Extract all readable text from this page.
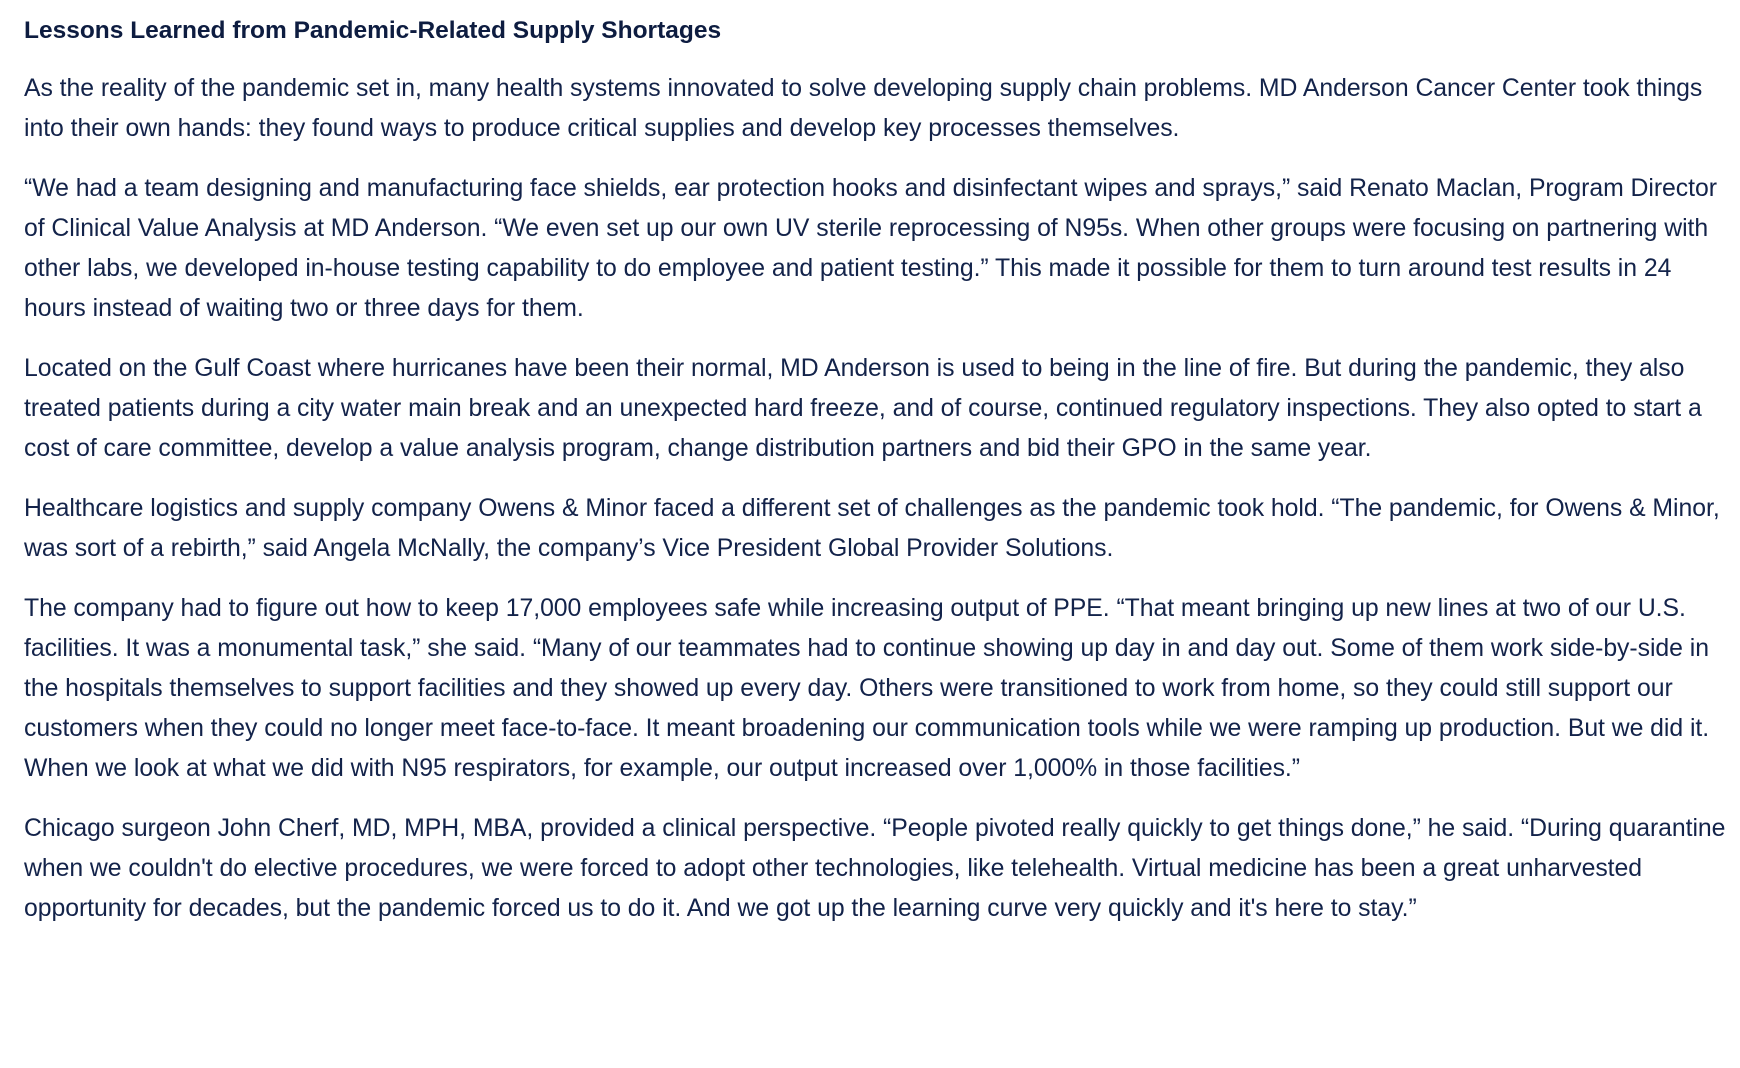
Lessons Learned from Pandemic-Related Supply Shortages

As the reality of the pandemic set in, many health systems innovated to solve developing supply chain problems. MD Anderson Cancer Center took things into their own hands: they found ways to produce critical supplies and develop key processes themselves.

“We had a team designing and manufacturing face shields, ear protection hooks and disinfectant wipes and sprays,” said Renato Maclan, Program Director of Clinical Value Analysis at MD Anderson. “We even set up our own UV sterile reprocessing of N95s. When other groups were focusing on partnering with other labs, we developed in-house testing capability to do employee and patient testing.” This made it possible for them to turn around test results in 24 hours instead of waiting two or three days for them.

Located on the Gulf Coast where hurricanes have been their normal, MD Anderson is used to being in the line of fire. But during the pandemic, they also treated patients during a city water main break and an unexpected hard freeze, and of course, continued regulatory inspections. They also opted to start a cost of care committee, develop a value analysis program, change distribution partners and bid their GPO in the same year.

Healthcare logistics and supply company Owens & Minor faced a different set of challenges as the pandemic took hold. “The pandemic, for Owens & Minor, was sort of a rebirth,” said Angela McNally, the company’s Vice President Global Provider Solutions.

The company had to figure out how to keep 17,000 employees safe while increasing output of PPE. “That meant bringing up new lines at two of our U.S. facilities. It was a monumental task,” she said. “Many of our teammates had to continue showing up day in and day out. Some of them work side-by-side in the hospitals themselves to support facilities and they showed up every day. Others were transitioned to work from home, so they could still support our customers when they could no longer meet face-to-face. It meant broadening our communication tools while we were ramping up production. But we did it. When we look at what we did with N95 respirators, for example, our output increased over 1,000% in those facilities.”

Chicago surgeon John Cherf, MD, MPH, MBA, provided a clinical perspective. “People pivoted really quickly to get things done,” he said. “During quarantine when we couldn't do elective procedures, we were forced to adopt other technologies, like telehealth. Virtual medicine has been a great unharvested opportunity for decades, but the pandemic forced us to do it. And we got up the learning curve very quickly and it's here to stay.”
